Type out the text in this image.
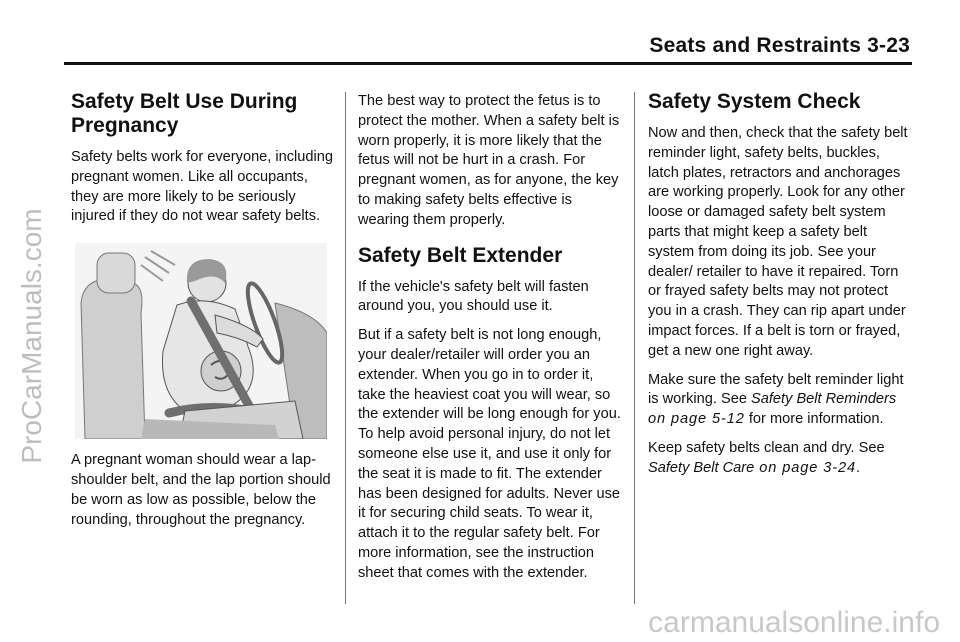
Seats and Restraints 3-23
ProCarManuals.com
carmanualsonline.info
Safety Belt Use During Pregnancy

Safety belts work for everyone, including pregnant women. Like all occupants, they are more likely to be seriously injured if they do not wear safety belts.

A pregnant woman should wear a lap-shoulder belt, and the lap portion should be worn as low as possible, below the rounding, throughout the pregnancy.

The best way to protect the fetus is to protect the mother. When a safety belt is worn properly, it is more likely that the fetus will not be hurt in a crash. For pregnant women, as for anyone, the key to making safety belts effective is wearing them properly.

Safety Belt Extender

If the vehicle's safety belt will fasten around you, you should use it.

But if a safety belt is not long enough, your dealer/retailer will order you an extender. When you go in to order it, take the heaviest coat you will wear, so the extender will be long enough for you. To help avoid personal injury, do not let someone else use it, and use it only for the seat it is made to fit. The extender has been designed for adults. Never use it for securing child seats. To wear it, attach it to the regular safety belt. For more information, see the instruction sheet that comes with the extender.

Safety System Check

Now and then, check that the safety belt reminder light, safety belts, buckles, latch plates, retractors and anchorages are working properly. Look for any other loose or damaged safety belt system parts that might keep a safety belt system from doing its job. See your dealer/ retailer to have it repaired. Torn or frayed safety belts may not protect you in a crash. They can rip apart under impact forces. If a belt is torn or frayed, get a new one right away.

Make sure the safety belt reminder light is working. See Safety Belt Reminders on page 5-12 for more information.

Keep safety belts clean and dry. See Safety Belt Care on page 3-24.
